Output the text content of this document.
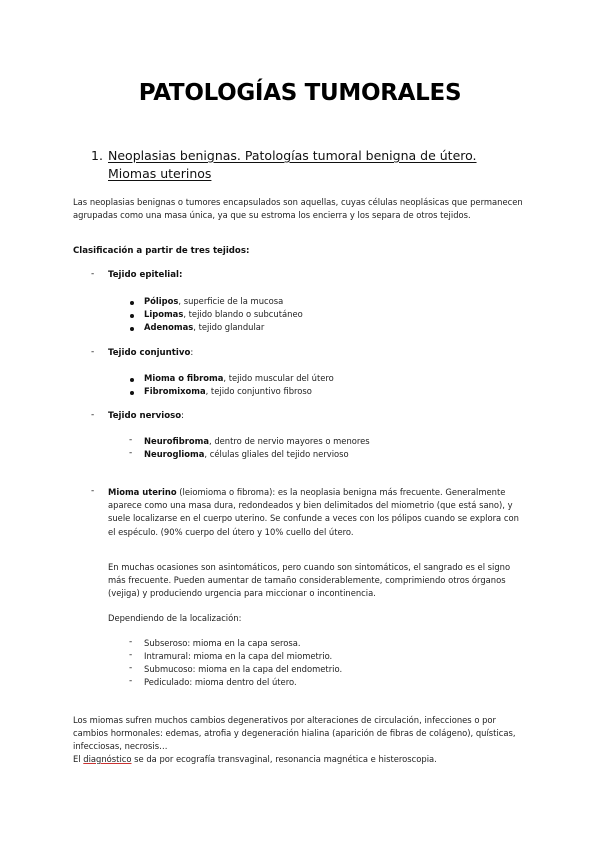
PATOLOGÍAS TUMORALES
1. Neoplasias benignas. Patologías tumoral benigna de útero.
Miomas uterinos
Las neoplasias benignas o tumores encapsulados son aquellas, cuyas células neoplásicas que permanecen agrupadas como una masa única, ya que su estroma los encierra y los separa de otros tejidos.
Clasificación a partir de tres tejidos:
- Tejido epitelial:
Pólipos, superficie de la mucosa
Lipomas, tejido blando o subcutáneo
Adenomas, tejido glandular
- Tejido conjuntivo:
Mioma o fibroma, tejido muscular del útero
Fibromixoma, tejido conjuntivo fibroso
- Tejido nervioso:
- Neurofibroma, dentro de nervio mayores o menores
- Neuroglioma, células gliales del tejido nervioso
- Mioma uterino (leiomioma o fibroma): es la neoplasia benigna más frecuente. Generalmente aparece como una masa dura, redondeados y bien delimitados del miometrio (que está sano), y suele localizarse en el cuerpo uterino. Se confunde a veces con los pólipos cuando se explora con el espéculo. (90% cuerpo del útero y 10% cuello del útero.
En muchas ocasiones son asintomáticos, pero cuando son sintomáticos, el sangrado es el signo más frecuente. Pueden aumentar de tamaño considerablemente, comprimiendo otros órganos (vejiga) y produciendo urgencia para miccionar o incontinencia.
Dependiendo de la localización:
- Subseroso: mioma en la capa serosa.
- Intramural: mioma en la capa del miometrio.
- Submucoso: mioma en la capa del endometrio.
- Pediculado: mioma dentro del útero.
Los miomas sufren muchos cambios degenerativos por alteraciones de circulación, infecciones o por cambios hormonales: edemas, atrofia y degeneración hialina (aparición de fibras de colágeno), quísticas, infecciosas, necrosis…
El diagnóstico se da por ecografía transvaginal, resonancia magnética e histeroscopia.
